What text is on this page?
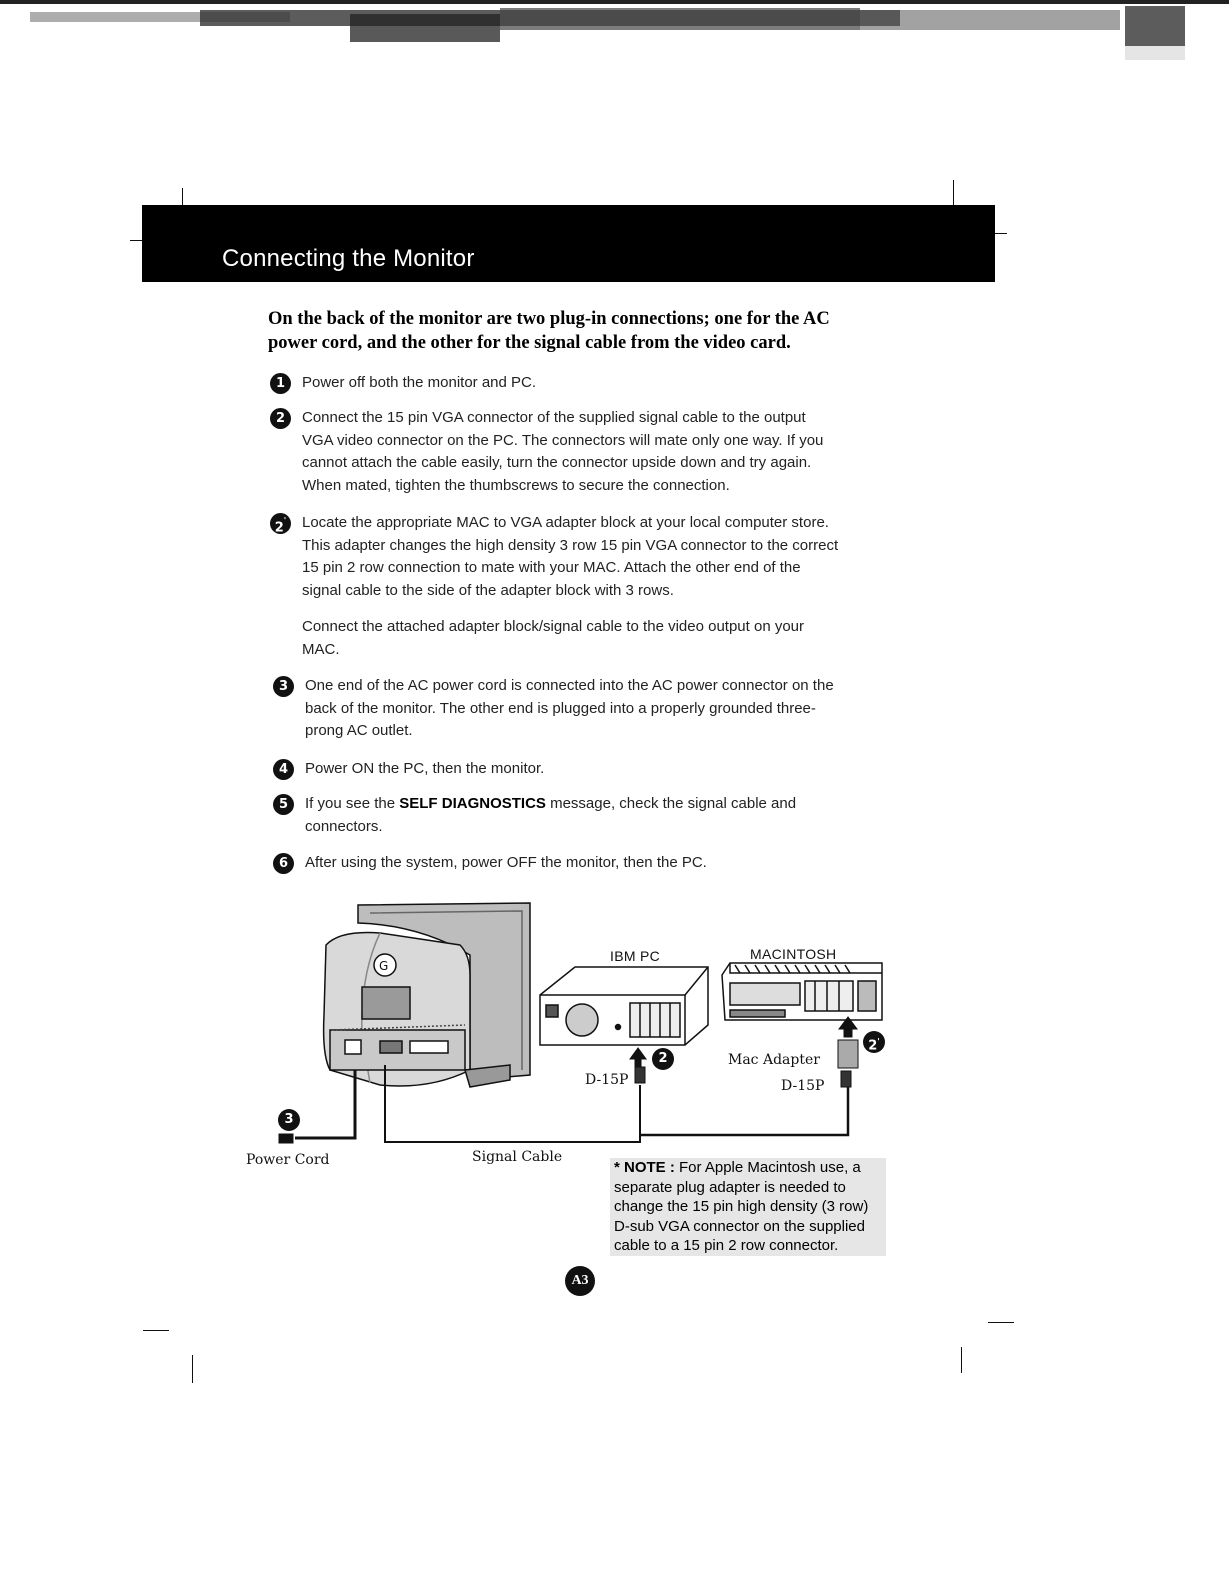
Connecting the Monitor
On the back of the monitor are two plug-in connections; one for the AC power cord, and the other for the signal cable from the video card.
1	Power off both the monitor and PC.
2	Connect the 15 pin VGA connector of the supplied signal cable to the output VGA video connector on the PC. The connectors will mate only one way. If you cannot attach the cable easily, turn the connector upside down and try again. When mated, tighten the thumbscrews to secure the connection.
2'	Locate the appropriate MAC to VGA adapter block at your local computer store. This adapter changes the high density 3 row 15 pin VGA connector to the correct 15 pin 2 row connection to mate with your MAC. Attach the other end of the signal cable to the side of the adapter block with 3 rows.
Connect the attached adapter block/signal cable to the video output on your MAC.
3	One end of the AC power cord is connected into the AC power connector on the back of the monitor. The other end is plugged into a properly grounded three-prong AC outlet.
4	Power ON the PC, then the monitor.
5	If you see the SELF DIAGNOSTICS message, check the signal cable and connectors.
6	After using the system, power OFF the monitor, then the PC.
G
IBM PC	MACINTOSH
Mac Adapter
D-15P	D-15P
Power Cord	Signal Cable
2
2'
3
* NOTE : For Apple Macintosh use, a separate plug adapter is needed to change the 15 pin high density (3 row) D-sub VGA connector on the supplied cable to a 15 pin 2 row connector.
A3
